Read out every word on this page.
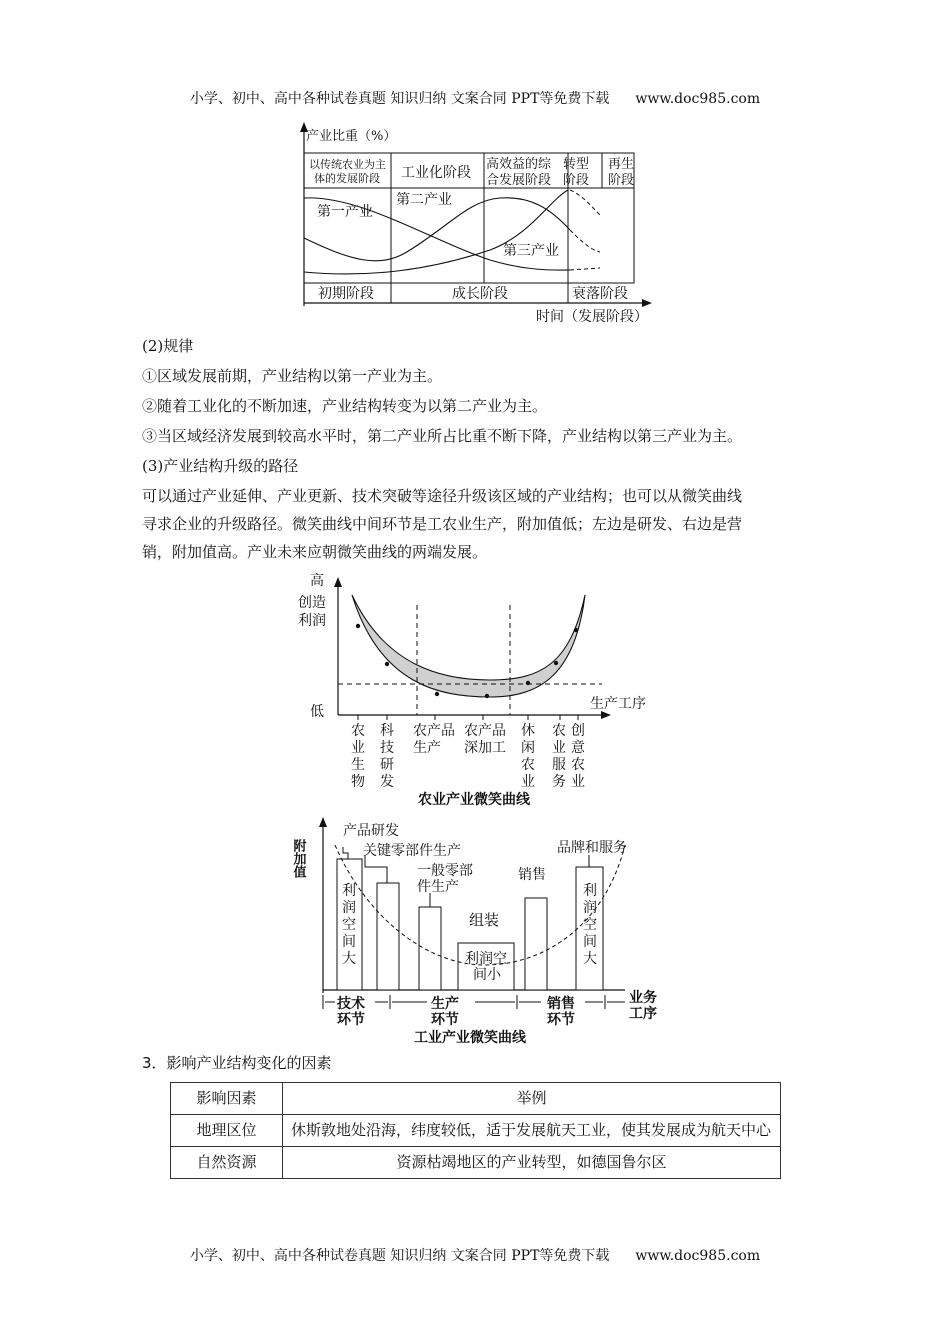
小学、初中、高中各种试卷真题 知识归纳 文案合同 PPT等免费下载 www.doc985.com
产业比重（%）
以传统农业为主
体的发展阶段 工业化阶段
高效益的综
合发展阶段
转型
阶段
再生
阶段
第一产业
第二产业
第三产业
初期阶段	成长阶段	衰落阶段
时间（发展阶段）
(2)规律
①区域发展前期，产业结构以第一产业为主。
②随着工业化的不断加速，产业结构转变为以第二产业为主。
③当区域经济发展到较高水平时，第二产业所占比重不断下降，产业结构以第三产业为主。
(3)产业结构升级的路径
可以通过产业延伸、产业更新、技术突破等途径升级该区域的产业结构；也可以从微笑曲线
寻求企业的升级路径。微笑曲线中间环节是工农业生产，附加值低；左边是研发、右边是营
销，附加值高。产业未来应朝微笑曲线的两端发展。
高
创造
利润
低	生产工序
农
业
生
物
科
技
研
发
农产品
生产
农产品
深加工
休
闲
农
业
农
业
服
务
创
意
农
业
农业产业微笑曲线
附加值
产品研发
关键零部件生产
一般零部
件生产
组装
销售
品牌和服务
利
润
空
间
大
利
润
空
间
大
利润空
间小
技术
环节
生产
环节
销售
环节
业务
工序
工业产业微笑曲线
3．影响产业结构变化的因素
影响因素	举例
地理区位	休斯敦地处沿海，纬度较低，适于发展航天工业，使其发展成为航天中心
自然资源	资源枯竭地区的产业转型，如德国鲁尔区
小学、初中、高中各种试卷真题 知识归纳 文案合同 PPT等免费下载 www.doc985.com
